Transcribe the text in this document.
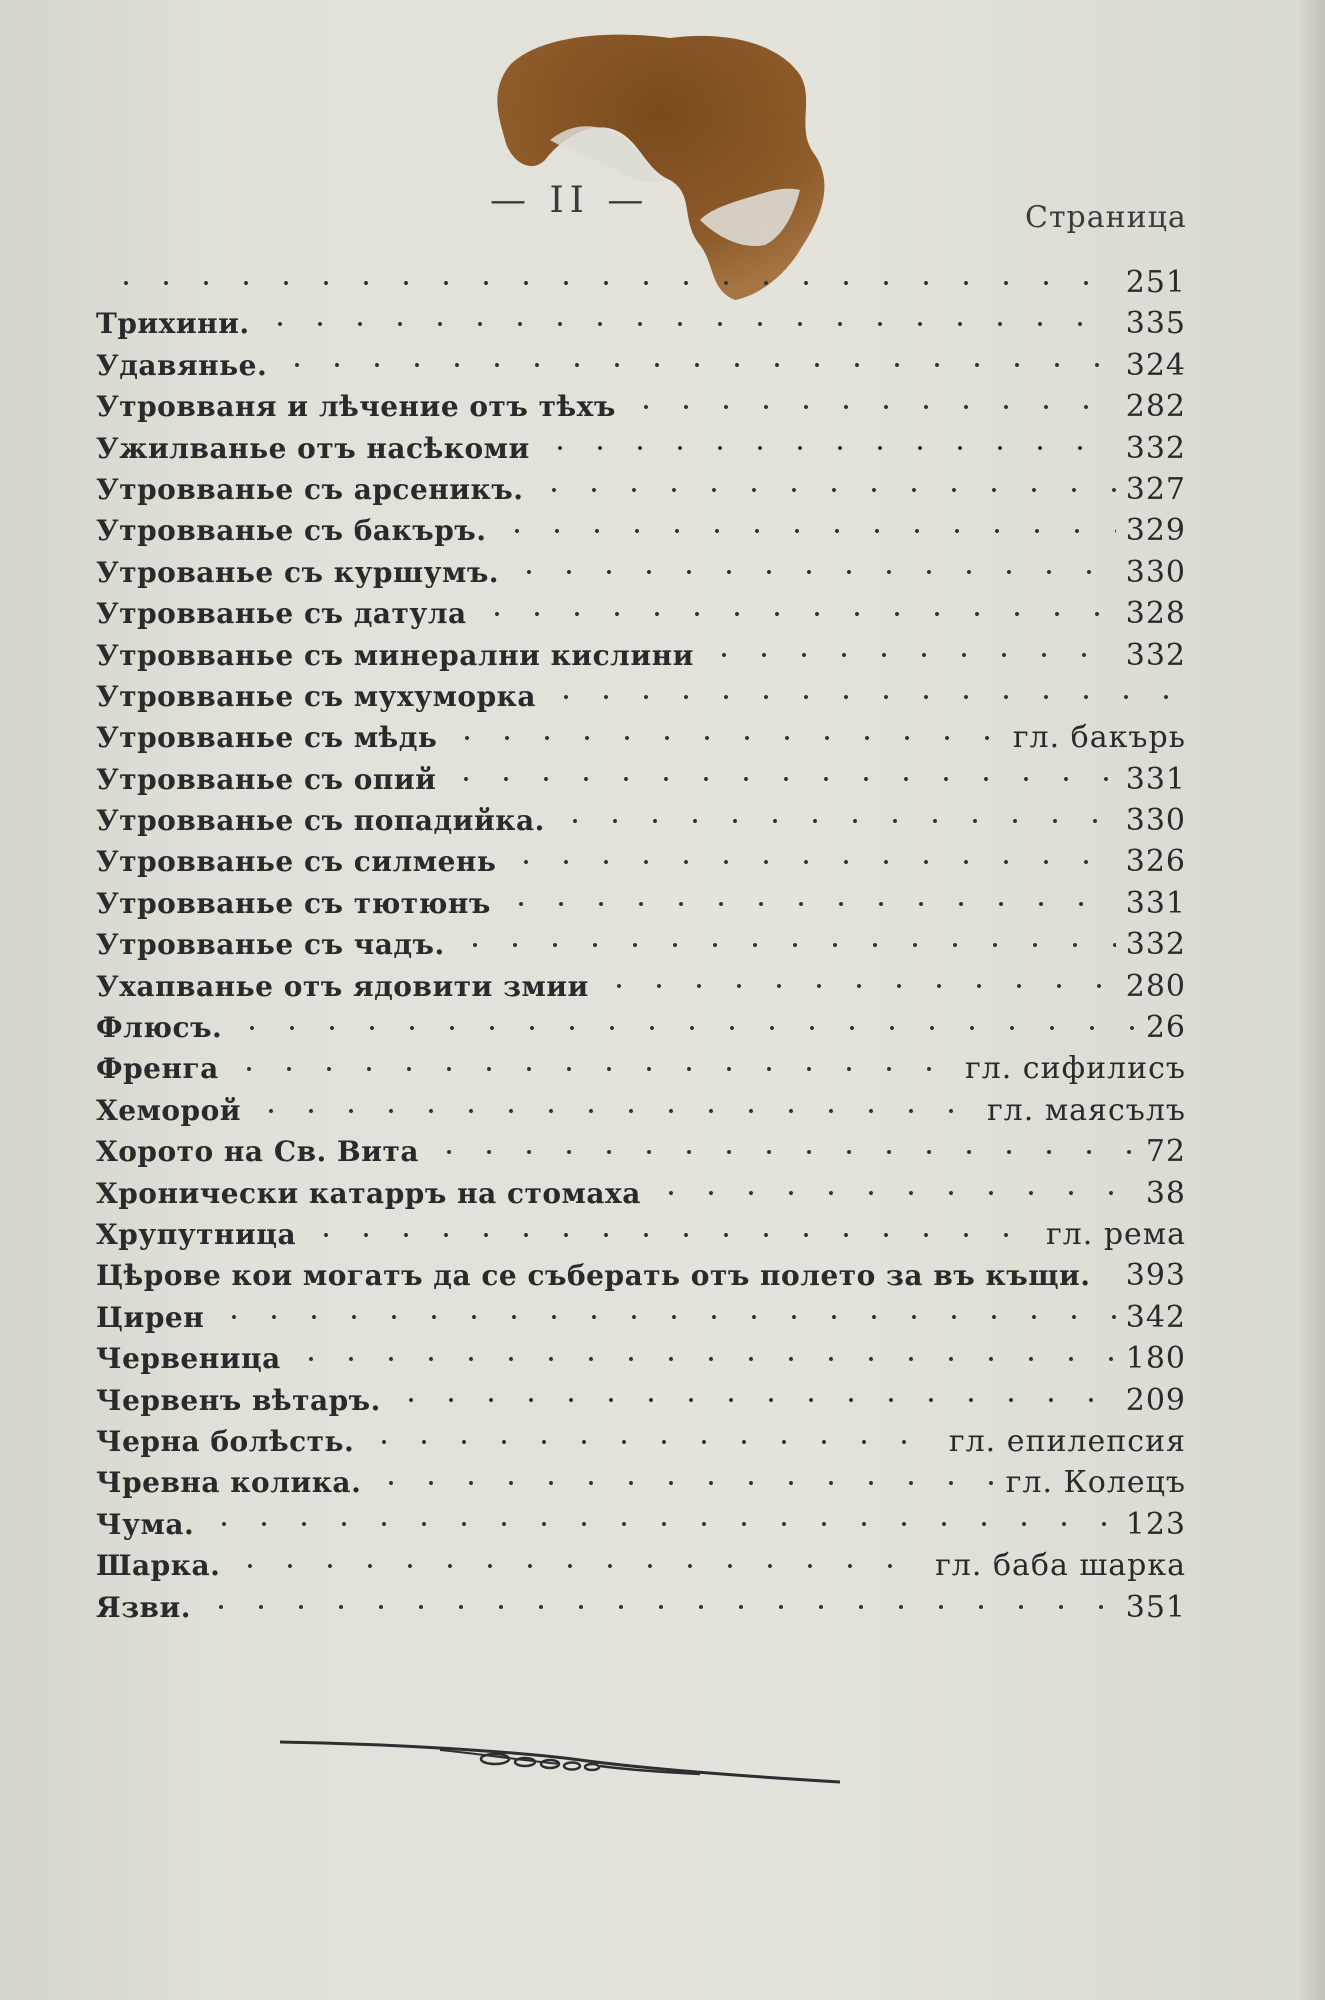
— II —	Страница
251
Трихини.	335
Удавянье.	324
Утровваня и лѣчение отъ тѣхъ	282
Ужилванье отъ насѣкоми	332
Утровванье съ арсеникъ.	327
Утровванье съ бакъръ.	329
Утрованье съ куршумъ.	330
Утровванье съ датула	328
Утровванье съ минерални кислини	332
Утровванье съ мухуморка
Утровванье съ мѣдь	гл. бакърь
Утровванье съ опий	331
Утровванье съ попадийка.	330
Утровванье съ силмень	326
Утровванье съ тютюнъ	331
Утровванье съ чадъ.	332
Ухапванье отъ ядовити змии	280
Флюсъ.	26
Френга	гл. сифилисъ
Хеморой	гл. маясълъ
Хорото на Св. Вита	72
Хронически катарръ на стомаха	38
Хрупутница	гл. рема
Цѣрове кои могатъ да се съберать отъ полето за въ къщи. 393
Цирен	342
Червеница	180
Червенъ вѣтаръ.	209
Черна болѣсть.	гл. епилепсия
Чревна колика.	гл. Колецъ
Чума.	123
Шарка.	гл. баба шарка
Язви.	351
